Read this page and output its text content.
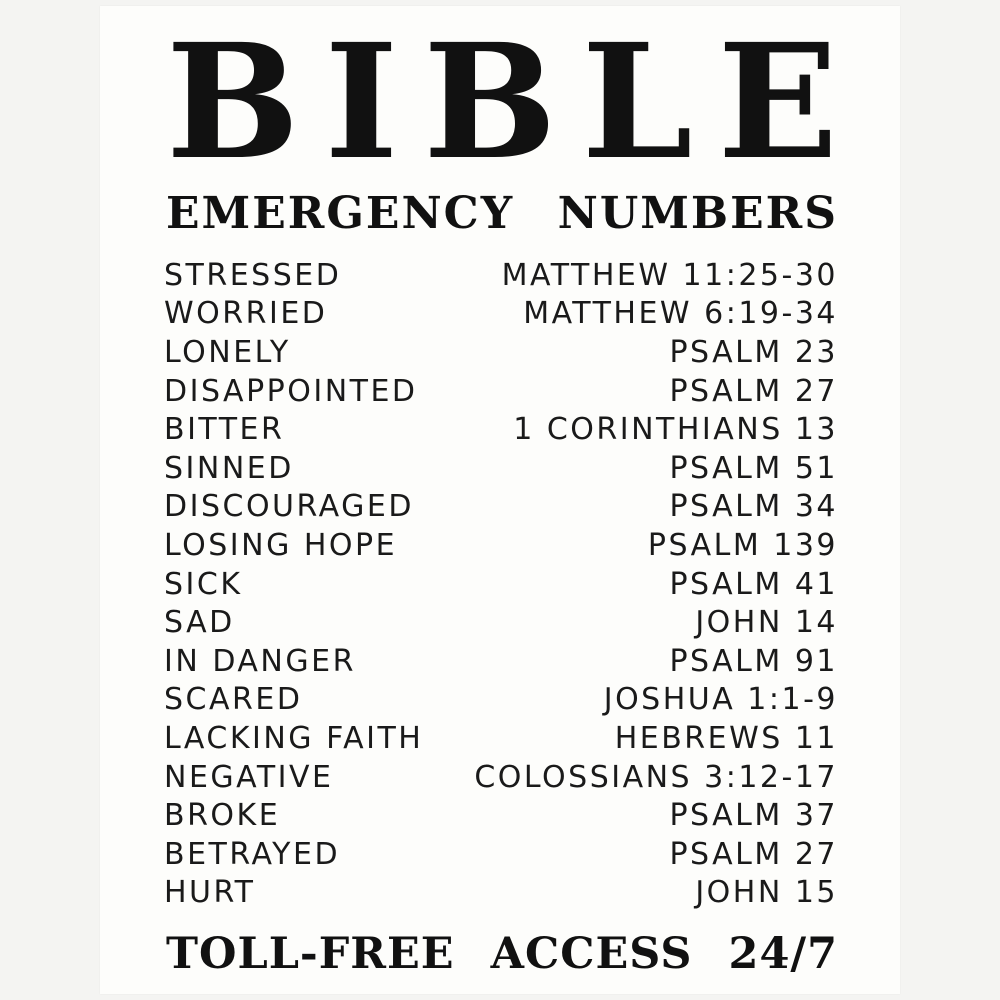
B I B L E
EMERGENCY NUMBERS
STRESSED	MATTHEW 11:25-30
WORRIED	MATTHEW 6:19-34
LONELY	PSALM 23
DISAPPOINTED	PSALM 27
BITTER	1 CORINTHIANS 13
SINNED	PSALM 51
DISCOURAGED	PSALM 34
LOSING HOPE	PSALM 139
SICK	PSALM 41
SAD	JOHN 14
IN DANGER	PSALM 91
SCARED	JOSHUA 1:1-9
LACKING FAITH	HEBREWS 11
NEGATIVE	COLOSSIANS 3:12-17
BROKE	PSALM 37
BETRAYED	PSALM 27
HURT	JOHN 15

TOLL-FREE ACCESS 24/7
